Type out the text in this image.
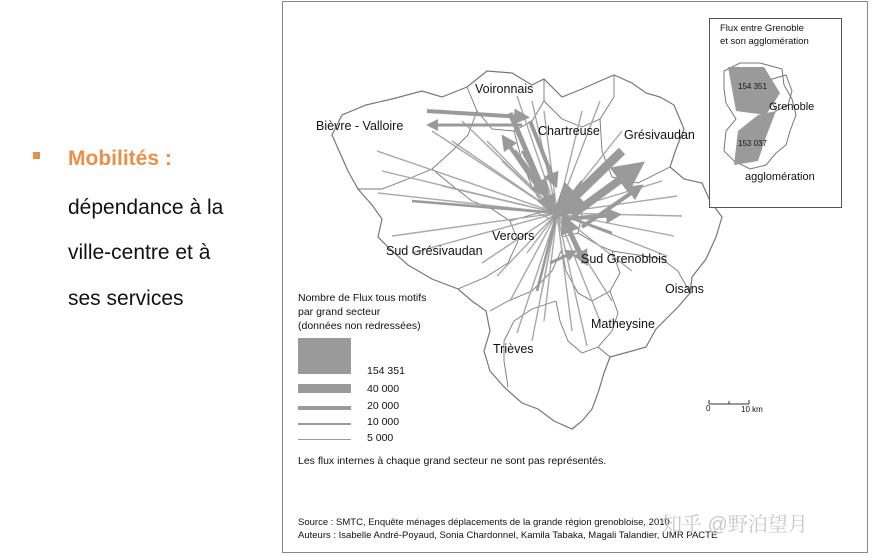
Mobilités :
dépendance à la
ville-centre et à
ses services
Voironnais
Bièvre - Valloire	Chartreuse Grésivaudan
Sud Grésivaudan
Vercors
Sud Grenoblois
Oisans
Matheysine
Trièves
Nombre de Flux tous motifs
par grand secteur
(données non redressées)
154 351
40 000
20 000
10 000
5 000
Les flux internes à chaque grand secteur ne sont pas représentés.
0	10 km
Flux entre Grenoble
et son agglomération
154 351
Grenoble
153 037
agglomération
Source : SMTC, Enquête ménages déplacements de la grande région grenobloise, 2010
Auteurs : Isabelle André-Poyaud, Sonia Chardonnel, Kamila Tabaka, Magali Talandier, UMR PACTE
知乎 @野泊望月
